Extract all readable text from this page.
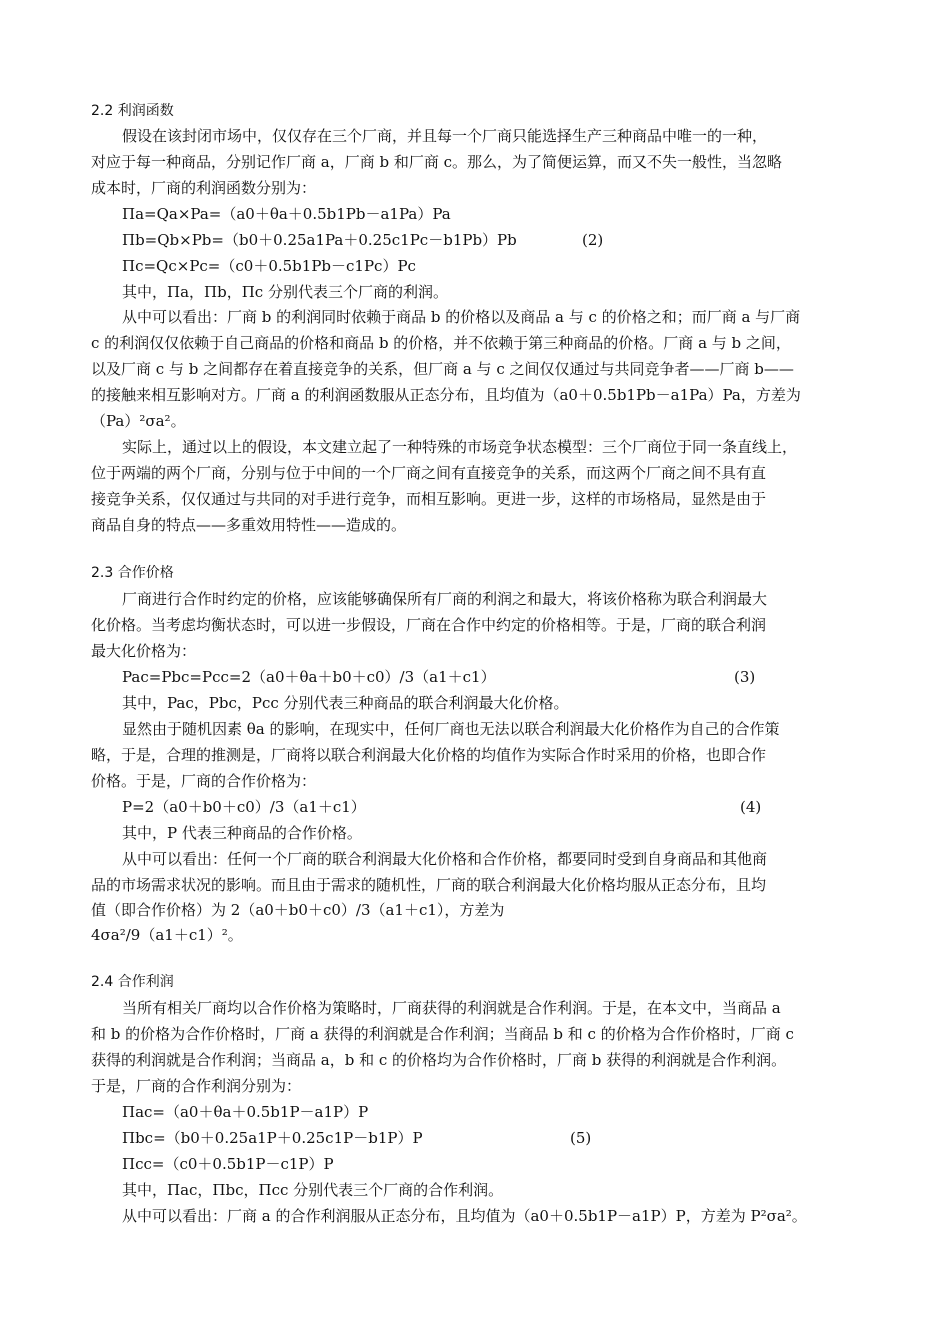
2.2 利润函数
假设在该封闭市场中，仅仅存在三个厂商，并且每一个厂商只能选择生产三种商品中唯一的一种，
对应于每一种商品，分别记作厂商 a，厂商 b 和厂商 c。那么，为了简便运算，而又不失一般性，当忽略
成本时，厂商的利润函数分别为：
Πa=Qa×Pa=（a0＋θa＋0.5b1Pb－a1Pa）Pa
Πb=Qb×Pb=（b0＋0.25a1Pa＋0.25c1Pc－b1Pb）Pb	(2)
Πc=Qc×Pc=（c0＋0.5b1Pb－c1Pc）Pc
其中，Πa，Πb，Πc 分别代表三个厂商的利润。
从中可以看出：厂商 b 的利润同时依赖于商品 b 的价格以及商品 a 与 c 的价格之和；而厂商 a 与厂商
c 的利润仅仅依赖于自己商品的价格和商品 b 的价格，并不依赖于第三种商品的价格。厂商 a 与 b 之间，
以及厂商 c 与 b 之间都存在着直接竞争的关系，但厂商 a 与 c 之间仅仅通过与共同竞争者——厂商 b——
的接触来相互影响对方。厂商 a 的利润函数服从正态分布，且均值为（a0＋0.5b1Pb－a1Pa）Pa，方差为
（Pa）²σa²。
实际上，通过以上的假设，本文建立起了一种特殊的市场竞争状态模型：三个厂商位于同一条直线上，
位于两端的两个厂商，分别与位于中间的一个厂商之间有直接竞争的关系，而这两个厂商之间不具有直
接竞争关系，仅仅通过与共同的对手进行竞争，而相互影响。更进一步，这样的市场格局，显然是由于
商品自身的特点——多重效用特性——造成的。
2.3 合作价格
厂商进行合作时约定的价格，应该能够确保所有厂商的利润之和最大，将该价格称为联合利润最大
化价格。当考虑均衡状态时，可以进一步假设，厂商在合作中约定的价格相等。于是，厂商的联合利润
最大化价格为：
Pac=Pbc=Pcc=2（a0＋θa＋b0＋c0）/3（a1＋c1）	(3)
其中，Pac，Pbc，Pcc 分别代表三种商品的联合利润最大化价格。
显然由于随机因素 θa 的影响，在现实中，任何厂商也无法以联合利润最大化价格作为自己的合作策
略，于是，合理的推测是，厂商将以联合利润最大化价格的均值作为实际合作时采用的价格，也即合作
价格。于是，厂商的合作价格为：
P=2（a0＋b0＋c0）/3（a1＋c1）	(4)
其中，P 代表三种商品的合作价格。
从中可以看出：任何一个厂商的联合利润最大化价格和合作价格，都要同时受到自身商品和其他商
品的市场需求状况的影响。而且由于需求的随机性，厂商的联合利润最大化价格均服从正态分布，且均
值（即合作价格）为 2（a0＋b0＋c0）/3（a1＋c1），方差为
4σa²/9（a1＋c1）²。
2.4 合作利润
当所有相关厂商均以合作价格为策略时，厂商获得的利润就是合作利润。于是，在本文中，当商品 a
和 b 的价格为合作价格时，厂商 a 获得的利润就是合作利润；当商品 b 和 c 的价格为合作价格时，厂商 c
获得的利润就是合作利润；当商品 a，b 和 c 的价格均为合作价格时，厂商 b 获得的利润就是合作利润。
于是，厂商的合作利润分别为：
Πac=（a0＋θa＋0.5b1P－a1P）P
Πbc=（b0＋0.25a1P＋0.25c1P－b1P）P	(5)
Πcc=（c0＋0.5b1P－c1P）P
其中，Πac，Πbc，Πcc 分别代表三个厂商的合作利润。
从中可以看出：厂商 a 的合作利润服从正态分布，且均值为（a0＋0.5b1P－a1P）P，方差为 P²σa²。
